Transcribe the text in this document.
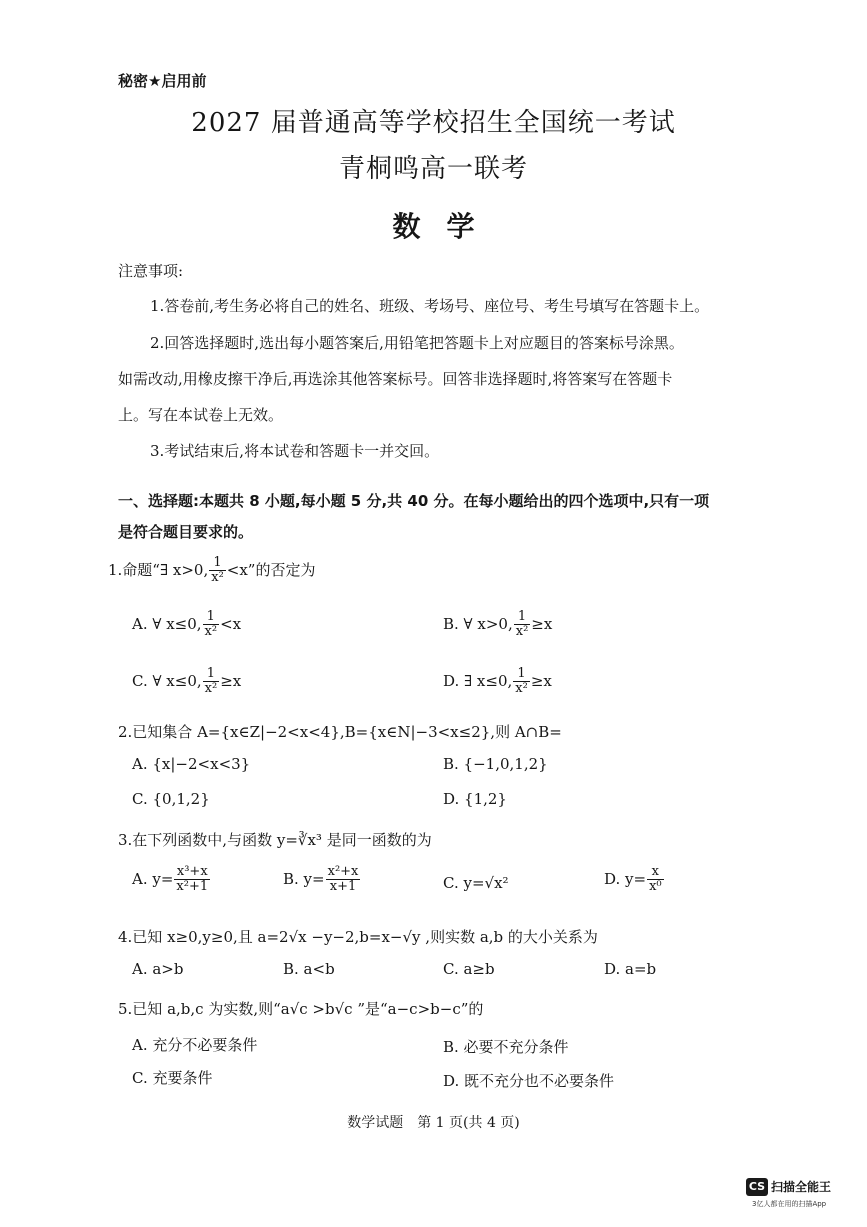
秘密★启用前
2027 届普通高等学校招生全国统一考试
青桐鸣高一联考
数学
注意事项:
1.答卷前,考生务必将自己的姓名、班级、考场号、座位号、考生号填写在答题卡上。
2.回答选择题时,选出每小题答案后,用铅笔把答题卡上对应题目的答案标号涂黑。
如需改动,用橡皮擦干净后,再选涂其他答案标号。回答非选择题时,将答案写在答题卡
上。写在本试卷上无效。
3.考试结束后,将本试卷和答题卡一并交回。
一、选择题:本题共 8 小题,每小题 5 分,共 40 分。在每小题给出的四个选项中,只有一项
是符合题目要求的。
1.命题“∃ x>0, $\frac{1}{\text{x²}} <x$”的否定为
A. ∀ x≤0, $\frac{1}{\text{x²}} <x$	B. ∀ x>0, $\frac{1}{\text{x²}} \ge x$
C. ∀ x≤0, $\frac{1}{\text{x²}} \ge x$	D. ∃ x≤0, $\frac{1}{\text{x²}} \ge x$
2.已知集合 A={x∈Z|−2<x<4},B={x∈N|−3<x≤2},则 A∩B=
A. {x|−2<x<3}	B. {−1,0,1,2}
C. {0,1,2}	D. {1,2}
3.在下列函数中,与函数 y=∛x³ 是同一函数的为
A. $y= \frac{\text{x³+x}}{\text{x²+1}}$	B. $y= \frac{\text{x²+x}}{x+1}$	C. y=√x²	D. $y= \frac{x}{\text{x⁰}}$
4.已知 x≥0,y≥0,且 a=2√x −y−2,b=x−√y ,则实数 a,b 的大小关系为
A. a>b	B. a<b	C. a≥b	D. a=b
5.已知 a,b,c 为实数,则“a√c >b√c ”是“a−c>b−c”的
A. 充分不必要条件	B. 必要不充分条件
C. 充要条件	D. 既不充分也不必要条件
数学试题　第 1 页(共 4 页)
CS 扫描全能王
3亿人都在用的扫描App
